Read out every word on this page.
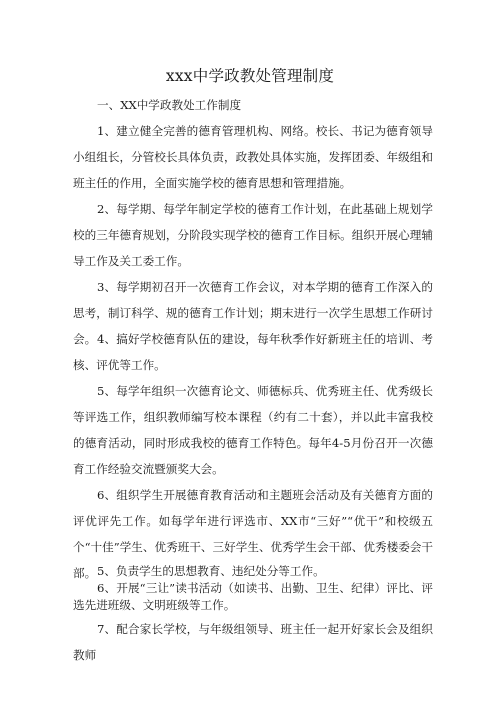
xxx中学政教处管理制度
一、XX中学政教处工作制度

1、建立健全完善的德育管理机构、网络。校长、书记为德育领导小组组长，分管校长具体负责，政教处具体实施，发挥团委、年级组和班主任的作用，全面实施学校的德育思想和管理措施。

2、每学期、每学年制定学校的德育工作计划，在此基础上规划学校的三年德育规划，分阶段实现学校的德育工作目标。组织开展心理辅导工作及关工委工作。

3、每学期初召开一次德育工作会议，对本学期的德育工作深入的思考，制订科学、规的德育工作计划；期末进行一次学生思想工作研讨会。 4、搞好学校德育队伍的建设，每年秋季作好新班主任的培训、考核、评优等工作。

5、每学年组织一次德育论文、师德标兵、优秀班主任、优秀级长等评选工作，组织教师编写校本课程（约有二十套），并以此丰富我校的德育活动，同时形成我校的德育工作特色。每年4-5月份召开一次德育工作经验交流暨颁奖大会。

6、组织学生开展德育教育活动和主题班会活动及有关德育方面的评优评先工作。如每学年进行评选市、XX市“三好”“优干”和校级五个“十佳”学生、优秀班干、三好学生、优秀学生会干部、优秀楼委会干部。 5、负责学生的思想教育、违纪处分等工作。

6、开展“三让”读书活动（如读书、出勤、卫生、纪律）评比、评选先进班级、文明班级等工作。

7、配合家长学校，与年级组领导、班主任一起开好家长会及组织教师
